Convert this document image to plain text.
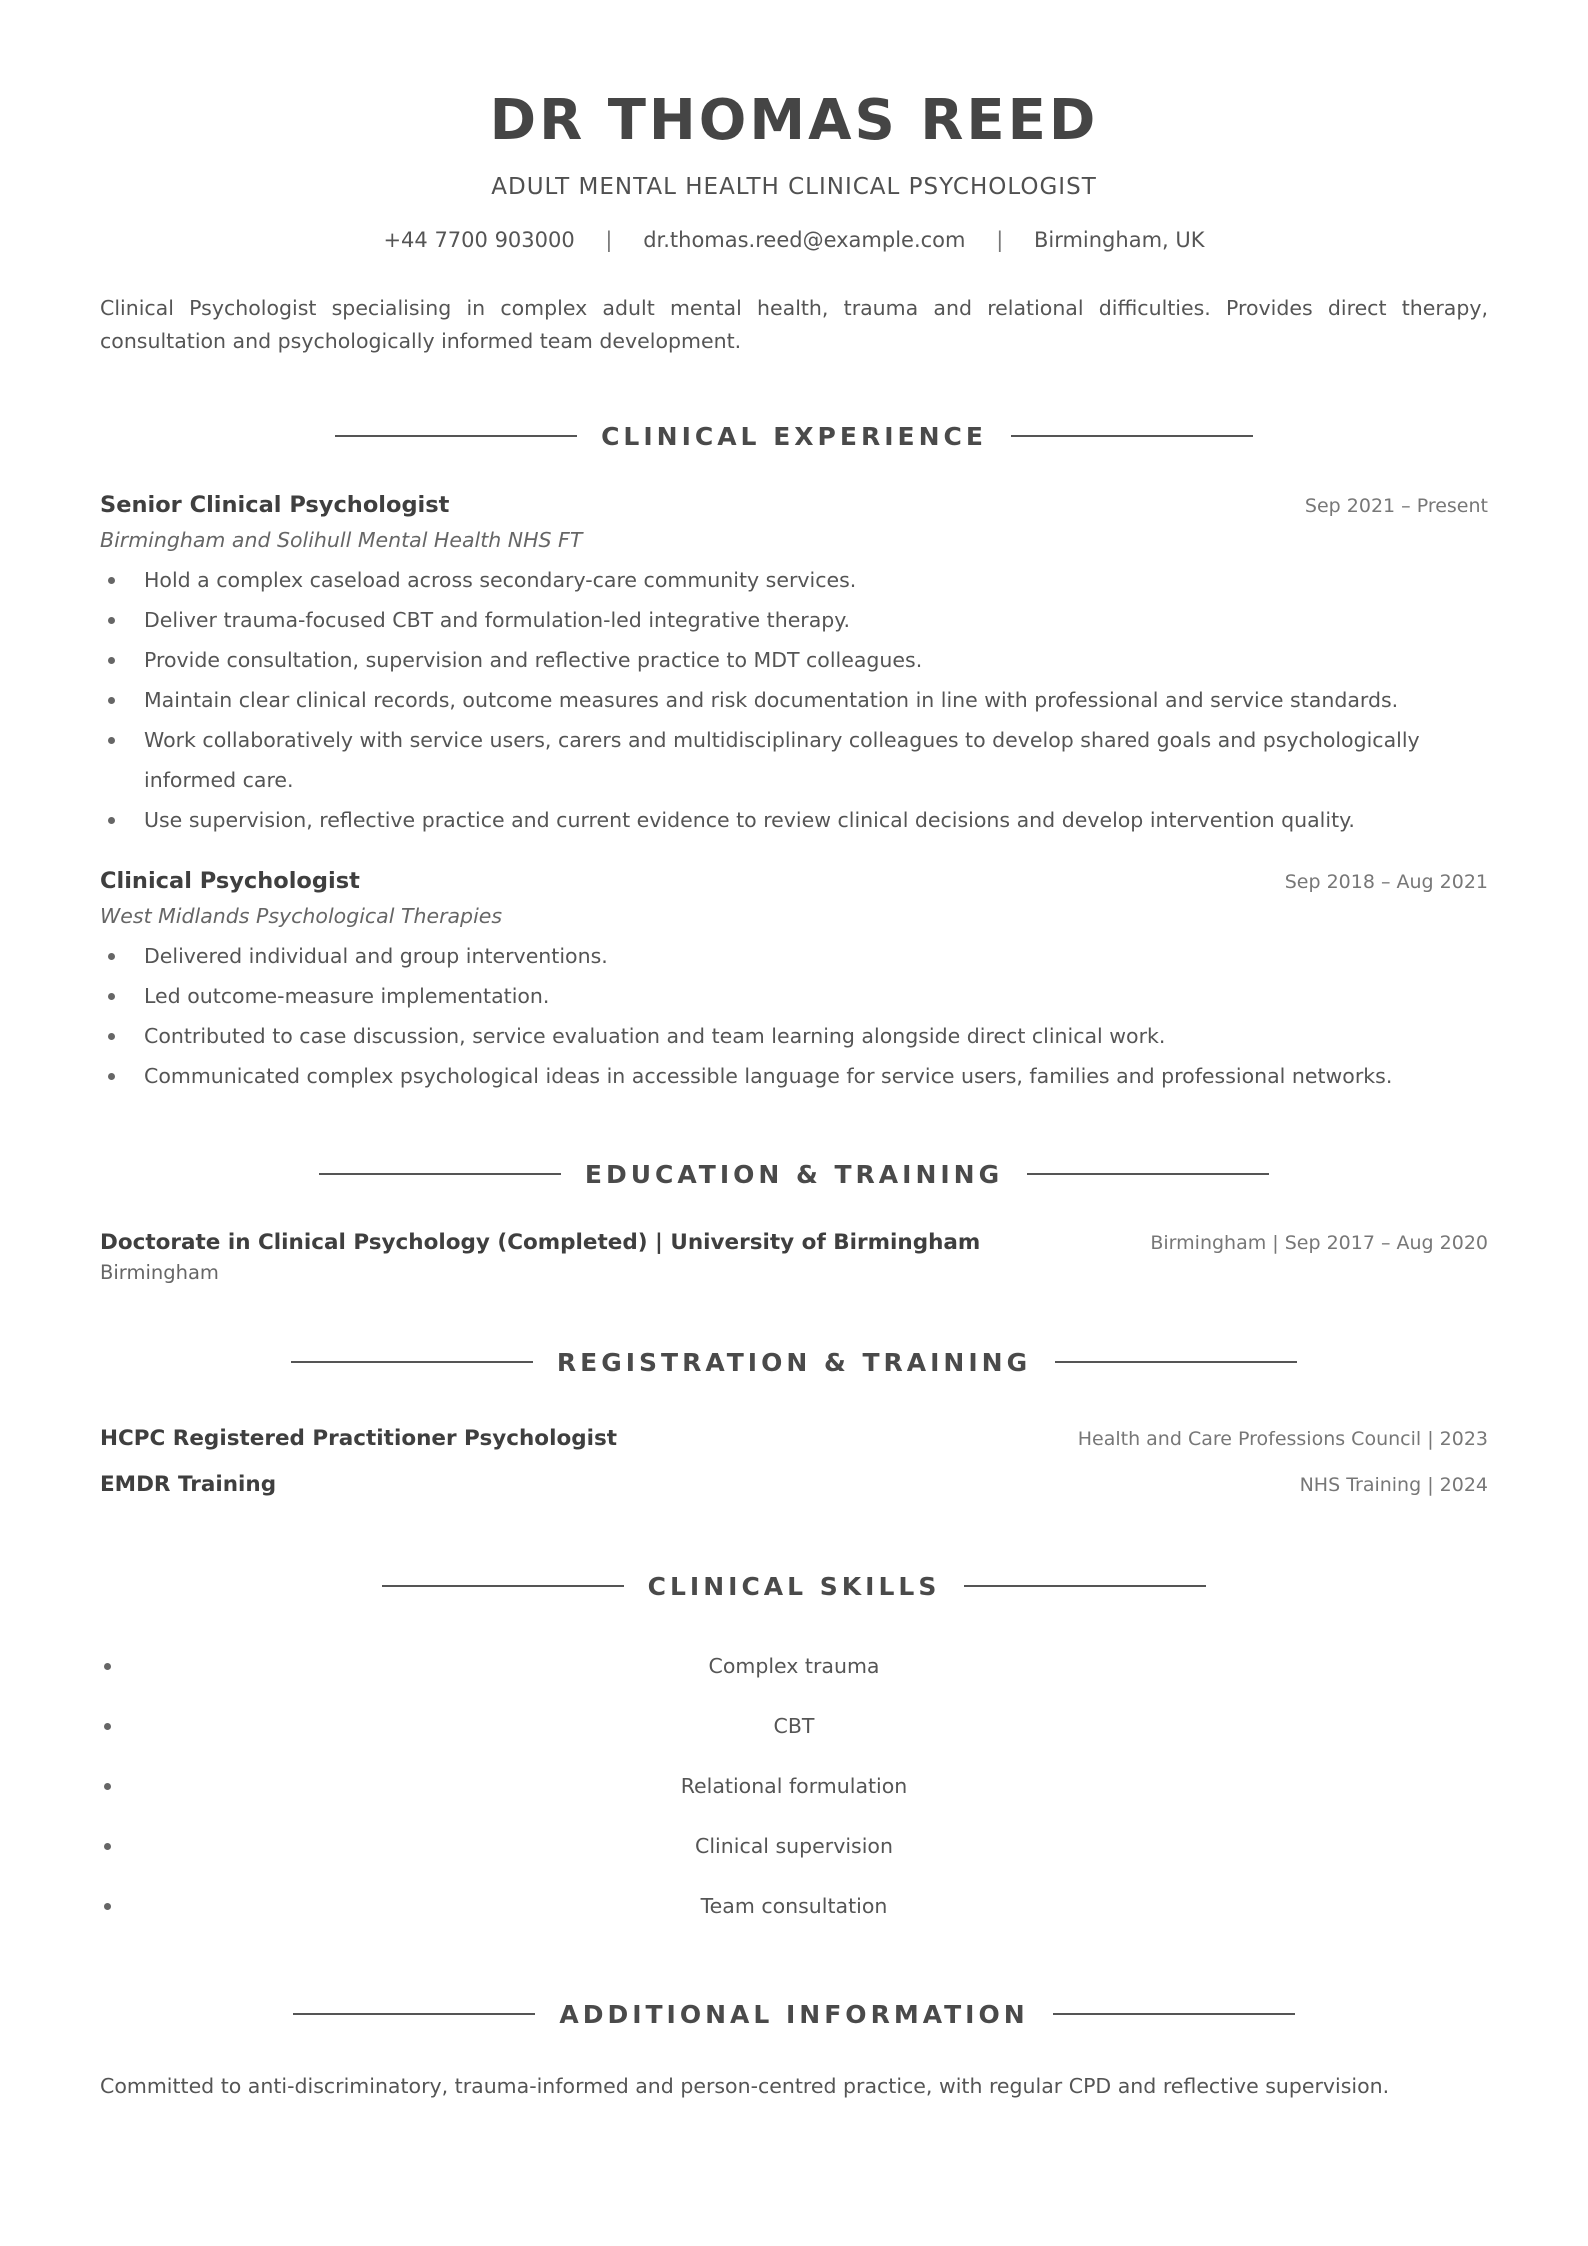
DR THOMAS REED
ADULT MENTAL HEALTH CLINICAL PSYCHOLOGIST
+44 7700 903000 | dr.thomas.reed@example.com | Birmingham, UK
Clinical Psychologist specialising in complex adult mental health, trauma and relational difficulties. Provides direct therapy, consultation and psychologically informed team development.
CLINICAL EXPERIENCE
Senior Clinical Psychologist	Sep 2021 – Present
Birmingham and Solihull Mental Health NHS FT
Hold a complex caseload across secondary-care community services.
Deliver trauma-focused CBT and formulation-led integrative therapy.
Provide consultation, supervision and reflective practice to MDT colleagues.
Maintain clear clinical records, outcome measures and risk documentation in line with professional and service standards.
Work collaboratively with service users, carers and multidisciplinary colleagues to develop shared goals and psychologically informed care.
Use supervision, reflective practice and current evidence to review clinical decisions and develop intervention quality.
Clinical Psychologist	Sep 2018 – Aug 2021
West Midlands Psychological Therapies
Delivered individual and group interventions.
Led outcome-measure implementation.
Contributed to case discussion, service evaluation and team learning alongside direct clinical work.
Communicated complex psychological ideas in accessible language for service users, families and professional networks.
EDUCATION & TRAINING
Doctorate in Clinical Psychology (Completed) | University of Birmingham	Birmingham | Sep 2017 – Aug 2020
Birmingham
REGISTRATION & TRAINING
HCPC Registered Practitioner Psychologist	Health and Care Professions Council | 2023
EMDR Training	NHS Training | 2024
CLINICAL SKILLS
Complex trauma
CBT
Relational formulation
Clinical supervision
Team consultation
ADDITIONAL INFORMATION
Committed to anti-discriminatory, trauma-informed and person-centred practice, with regular CPD and reflective supervision.
